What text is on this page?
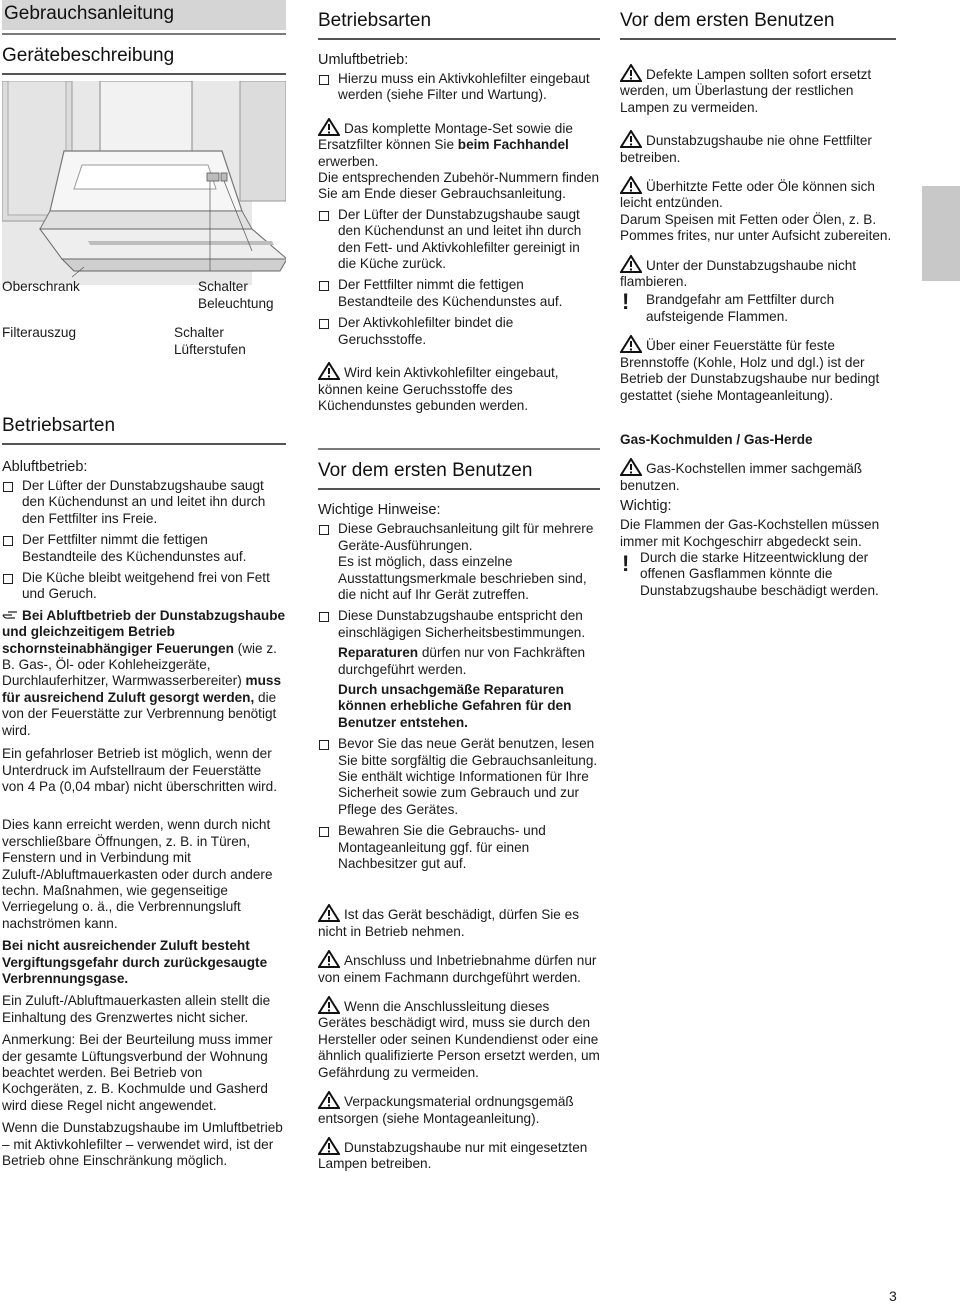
Gebrauchsanleitung
Gerätebeschreibung
Oberschrank
Filterauszug
Schalter
Beleuchtung
Schalter
Lüfterstufen
Betriebsarten
Abluftbetrieb:
Der Lüfter der Dunstabzugshaube saugt den Küchendunst an und leitet ihn durch den Fettfilter ins Freie.
Der Fettfilter nimmt die fettigen Bestandteile des Küchendunstes auf.
Die Küche bleibt weitgehend frei von Fett und Geruch.

Bei Abluftbetrieb der Dunstabzugshaube und gleichzeitigem Betrieb schornsteinabhängiger Feuerungen (wie z. B. Gas-, Öl- oder Kohleheizgeräte, Durchlauferhitzer, Warmwasserbereiter) muss für ausreichend Zuluft gesorgt werden, die von der Feuerstätte zur Verbrennung benötigt wird.

Ein gefahrloser Betrieb ist möglich, wenn der Unterdruck im Aufstellraum der Feuerstätte von 4 Pa (0,04 mbar) nicht überschritten wird.

Dies kann erreicht werden, wenn durch nicht verschließbare Öffnungen, z. B. in Türen, Fenstern und in Verbindung mit Zuluft-/Abluftmauerkasten oder durch andere techn. Maßnahmen, wie gegenseitige Verriegelung o. ä., die Verbrennungsluft nachströmen kann.

Bei nicht ausreichender Zuluft besteht Vergiftungsgefahr durch zurückgesaugte Verbrennungsgase.

Ein Zuluft-/Abluftmauerkasten allein stellt die Einhaltung des Grenzwertes nicht sicher.

Anmerkung: Bei der Beurteilung muss immer der gesamte Lüftungsverbund der Wohnung beachtet werden. Bei Betrieb von Kochgeräten, z. B. Kochmulde und Gasherd wird diese Regel nicht angewendet.

Wenn die Dunstabzugshaube im Umluftbetrieb – mit Aktivkohlefilter – verwendet wird, ist der Betrieb ohne Einschränkung möglich.

Betriebsarten
Umluftbetrieb:
Hierzu muss ein Aktivkohlefilter eingebaut werden (siehe Filter und Wartung).

Das komplette Montage-Set sowie die Ersatzfilter können Sie beim Fachhandel erwerben.

Die entsprechenden Zubehör-Nummern finden Sie am Ende dieser Gebrauchsanleitung.

Der Lüfter der Dunstabzugshaube saugt den Küchendunst an und leitet ihn durch den Fett- und Aktivkohlefilter gereinigt in die Küche zurück.
Der Fettfilter nimmt die fettigen Bestandteile des Küchendunstes auf.
Der Aktivkohlefilter bindet die Geruchsstoffe.

Wird kein Aktivkohlefilter eingebaut, können keine Geruchsstoffe des Küchendunstes gebunden werden.

Vor dem ersten Benutzen
Wichtige Hinweise:
Diese Gebrauchsanleitung gilt für mehrere Geräte-Ausführungen.
Es ist möglich, dass einzelne Ausstattungsmerkmale beschrieben sind, die nicht auf Ihr Gerät zutreffen.
Diese Dunstabzugshaube entspricht den einschlägigen Sicherheitsbestimmungen.
Reparaturen dürfen nur von Fachkräften durchgeführt werden.
Durch unsachgemäße Reparaturen können erhebliche Gefahren für den Benutzer entstehen.
Bevor Sie das neue Gerät benutzen, lesen Sie bitte sorgfältig die Gebrauchsanleitung.
Sie enthält wichtige Informationen für Ihre Sicherheit sowie zum Gebrauch und zur Pflege des Gerätes.
Bewahren Sie die Gebrauchs- und Montageanleitung ggf. für einen Nachbesitzer gut auf.

Ist das Gerät beschädigt, dürfen Sie es nicht in Betrieb nehmen.

Anschluss und Inbetriebnahme dürfen nur von einem Fachmann durchgeführt werden.

Wenn die Anschlussleitung dieses Gerätes beschädigt wird, muss sie durch den Hersteller oder seinen Kundendienst oder eine ähnlich qualifizierte Person ersetzt werden, um Gefährdung zu vermeiden.

Verpackungsmaterial ordnungsgemäß entsorgen (siehe Montageanleitung).

Dunstabzugshaube nur mit eingesetzten Lampen betreiben.

Vor dem ersten Benutzen

Defekte Lampen sollten sofort ersetzt werden, um Überlastung der restlichen Lampen zu vermeiden.

Dunstabzugshaube nie ohne Fettfilter betreiben.

Überhitzte Fette oder Öle können sich leicht entzünden.

Darum Speisen mit Fetten oder Ölen, z. B. Pommes frites, nur unter Aufsicht zubereiten.

Unter der Dunstabzugshaube nicht flambieren.

! Brandgefahr am Fettfilter durch aufsteigende Flammen.

Über einer Feuerstätte für feste Brennstoffe (Kohle, Holz und dgl.) ist der Betrieb der Dunstabzugshaube nur bedingt gestattet (siehe Montageanleitung).

Gas-Kochmulden / Gas-Herde

Gas-Kochstellen immer sachgemäß benutzen.

Wichtig:

Die Flammen der Gas-Kochstellen müssen immer mit Kochgeschirr abgedeckt sein.

! Durch die starke Hitzeentwicklung der offenen Gasflammen könnte die Dunstabzugshaube beschädigt werden.

3
